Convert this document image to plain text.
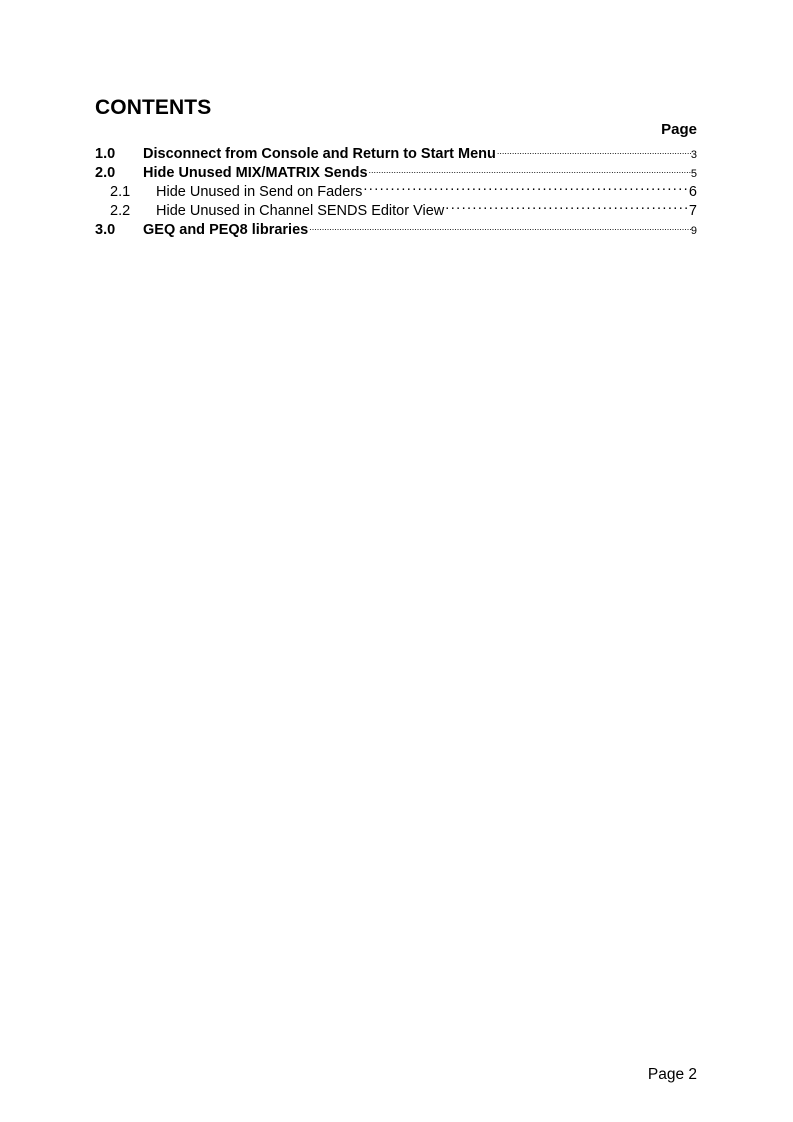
CONTENTS
Page
1.0	Disconnect from Console and Return to Start Menu .....	3
2.0	Hide Unused MIX/MATRIX Sends .....	5
2.1	Hide Unused in Send on Faders .....	6
2.2	Hide Unused in Channel SENDS Editor View .....	7
3.0	GEQ and PEQ8 libraries .....	9
Page 2
